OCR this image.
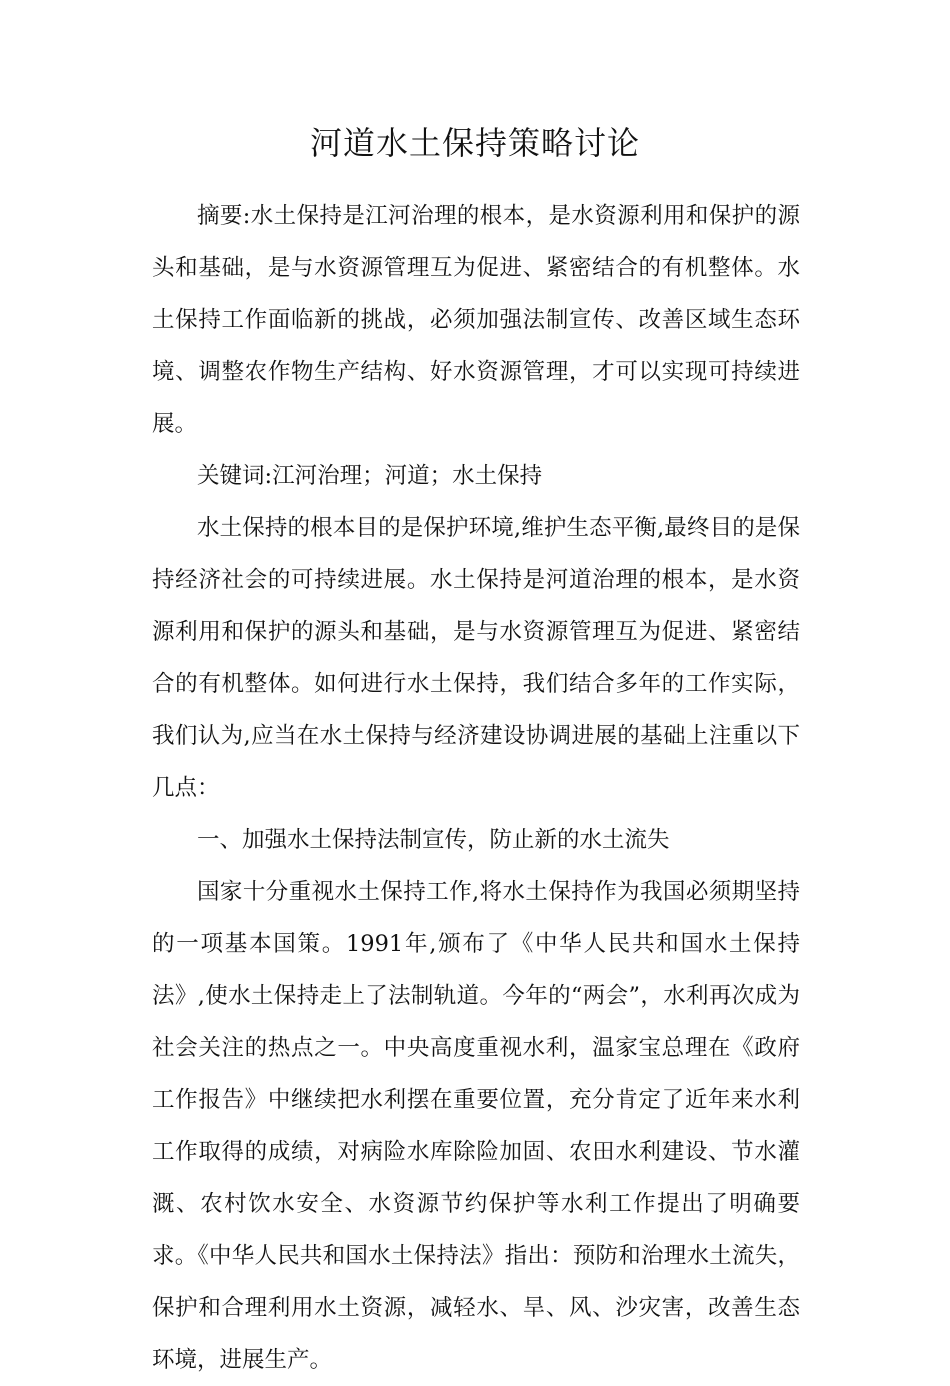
河道水土保持策略讨论

摘要:水土保持是江河治理的根本，是水资源利用和保护的源头和基础，是与水资源管理互为促进、紧密结合的有机整体。水土保持工作面临新的挑战，必须加强法制宣传、改善区域生态环境、调整农作物生产结构、好水资源管理，才可以实现可持续进展。

关键词:江河治理；河道；水土保持

水土保持的根本目的是保护环境,维护生态平衡,最终目的是保持经济社会的可持续进展。水土保持是河道治理的根本，是水资源利用和保护的源头和基础，是与水资源管理互为促进、紧密结合的有机整体。如何进行水土保持，我们结合多年的工作实际，我们认为,应当在水土保持与经济建设协调进展的基础上注重以下几点：

一、加强水土保持法制宣传，防止新的水土流失

国家十分重视水土保持工作,将水土保持作为我国必须期坚持的一项基本国策。1991年,颁布了《中华人民共和国水土保持法》,使水土保持走上了法制轨道。今年的“两会”，水利再次成为社会关注的热点之一。中央高度重视水利，温家宝总理在《政府工作报告》中继续把水利摆在重要位置，充分肯定了近年来水利工作取得的成绩，对病险水库除险加固、农田水利建设、节水灌溉、农村饮水安全、水资源节约保护等水利工作提出了明确要求。《中华人民共和国水土保持法》指出：预防和治理水土流失，保护和合理利用水土资源，减轻水、旱、风、沙灾害，改善生态环境，进展生产。
